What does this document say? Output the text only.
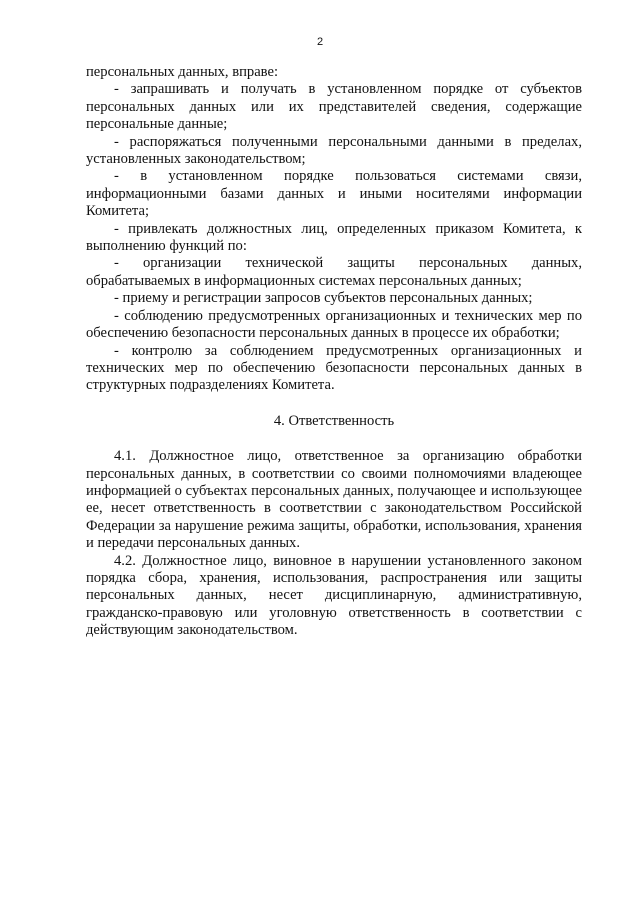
2

персональных данных, вправе:

- запрашивать и получать в установленном порядке от субъектов персональных данных или их представителей сведения, содержащие персональные данные;

- распоряжаться полученными персональными данными в пределах, установленных законодательством;

- в установленном порядке пользоваться системами связи, информационными базами данных и иными носителями информации Комитета;

- привлекать должностных лиц, определенных приказом Комитета, к выполнению функций по:

- организации технической защиты персональных данных, обрабатываемых в информационных системах персональных данных;

- приему и регистрации запросов субъектов персональных данных;

- соблюдению предусмотренных организационных и технических мер по обеспечению безопасности персональных данных в процессе их обработки;

- контролю за соблюдением предусмотренных организационных и технических мер по обеспечению безопасности персональных данных в структурных подразделениях Комитета.

4. Ответственность

4.1. Должностное лицо, ответственное за организацию обработки персональных данных, в соответствии со своими полномочиями владеющее информацией о субъектах персональных данных, получающее и использующее ее, несет ответственность в соответствии с законодательством Российской Федерации за нарушение режима защиты, обработки, использования, хранения и передачи персональных данных.

4.2. Должностное лицо, виновное в нарушении установленного законом порядка сбора, хранения, использования, распространения или защиты персональных данных, несет дисциплинарную, административную, гражданско-правовую или уголовную ответственность в соответствии с действующим законодательством.
